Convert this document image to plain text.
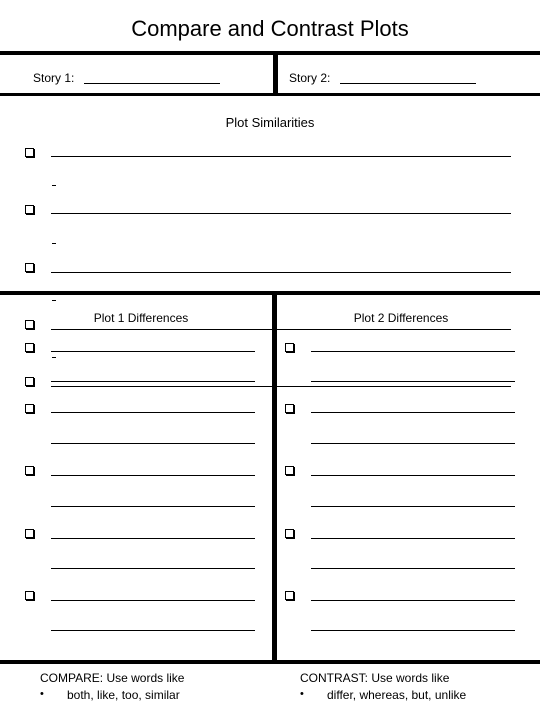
Compare and Contrast Plots
Story 1:	Story 2:
Plot Similarities
Plot 1 Differences	Plot 2 Differences
COMPARE: Use words like
• both, like, too, similar
CONTRAST: Use words like
• differ, whereas, but, unlike
